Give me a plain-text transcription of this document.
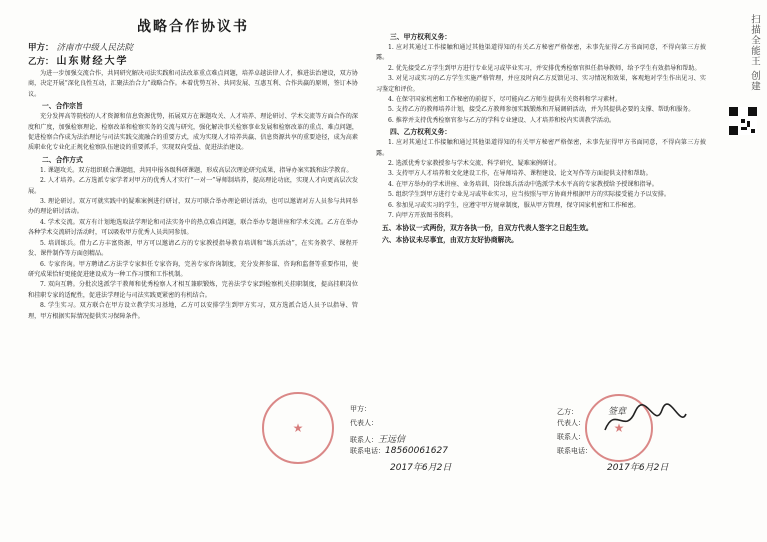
战略合作协议书
甲方： 济南市中级人民法院
乙方： 山东财经大学

为进一步加强交流合作，共同研究解决司法实践和司法改革重点难点问题，培养卓越法律人才，推进法治建设，双方协商，决定开展“深化良性互动，汇聚法治合力”战略合作。本着优势互补、共同发展、互惠互利、合作共赢的原则，签订本协议。

一、合作宗旨

充分发挥高等院校的人才资源和信息资源优势，拓展双方在课题攻关、人才培养、理论研讨、学术交流等方面合作的深度和广度，加强检察理论、检察改革和检察实务的交流与研究，强化解决事关检察事业发展和检察改革的重点、难点问题，促进检察合作成为法治理论与司法实践交流融合的重要方式，成为实现人才培养共赢、信息资源共享的重要途径，成为高素质职业化专业化正规化检察队伍建设的重要抓手，实现双向受益、促进法治建设。

二、合作方式

1. 课题攻关。双方组织联合课题组，共同申报各级科研课题，形成高层次理论研究成果，指导办案实践和法学教育。

2. 人才培养。乙方选派专家学者对甲方的优秀人才实行“一对一”导师制培养，提高理论功底，实现人才向更高层次发展。

3. 理论研讨。双方可就实践中的疑难案例进行研讨，双方可联合举办理论研讨活动，也可以邀请对方人员参与共同举办的理论研讨活动。

4. 学术交流。双方有计划地选取法学理论和司法实务中的热点难点问题，联合举办专题讲座和学术交流。乙方在举办各种学术交流研讨活动时，可以吸收甲方优秀人员共同参加。

5. 培训练兵。借力乙方丰富资源，甲方可以邀请乙方的专家教授指导教育培训和“练兵活动”，在实务教学、课程开发、课件制作等方面创精品。

6. 专家咨询。甲方聘请乙方法学专家担任专家咨询，完善专家咨询制度，充分发挥参谋、咨询和监督等重要作用，使研究成果恰好更能促进建设成为一种工作习惯和工作机制。

7. 双向互聘。分批次选派学干教师和优秀检察人才相互兼职锻炼，完善法学专家到检察机关挂职制度，提高挂职岗位和挂职专家的适配性，促进法学理论与司法实践更紧密的有机结合。

8. 学生实习。双方联合在甲方设立教学实习基地，乙方可以安排学生到甲方实习，双方选派合适人员予以指导、管理，甲方根据实际情况提供实习保障条件。

三、甲方权利义务：

1. 应对其通过工作接触和通过其他渠道得知的有关乙方秘密严格保密，未事先征得乙方书面同意，不得向第三方披露。

2. 优先接受乙方学生到甲方进行专业见习或毕业实习，并安排优秀检察官担任指导教师，给予学生有效指导和帮助。

3. 对见习或实习的乙方学生实施严格管理，并应及时向乙方反馈见习、实习情况和效果，客观地对学生作出见习、实习鉴定和评价。

4. 在保守国家机密和工作秘密的前提下，尽可能向乙方师生提供有关资料和学习素材。

5. 支持乙方的教师培养计划，接受乙方教师参加实践锻炼和开展调研活动，并为其提供必要的支撑、帮助和服务。

6. 推荐并支持优秀检察官参与乙方的学科专业建设、人才培养和校内实训教学活动。

四、乙方权利义务：

1. 应对其通过工作接触和通过其他渠道得知的有关甲方秘密严格保密，未事先征得甲方书面同意，不得向第三方披露。

2. 选派优秀专家教授参与学术交流、科学研究、疑难案例研讨。

3. 支持甲方人才培养和文化建设工作，在导师培养、课程建设、论文写作等方面提供支持和帮助。

4. 在甲方举办的学术讲座、业务培训、岗位练兵活动中选派学术水平高的专家教授给予授课和指导。

5. 组织学生到甲方进行专业见习或毕业实习，应当按照与甲方协商并根据甲方的实际接受能力予以安排。

6. 参加见习或实习的学生，应遵守甲方规章制度，服从甲方管理，保守国家机密和工作秘密。

7. 向甲方开放图书资料。

五、本协议一式两份，双方各执一份，自双方代表人签字之日起生效。
六、本协议未尽事宜，由双方友好协商解决。
★
甲方：
代表人：
联系人：王远信
联系电话：18560061627
2017年6月2日
★
乙方：	签章
代表人：
联系人：
联系电话：
2017年6月2日
扫描全能王 创建
